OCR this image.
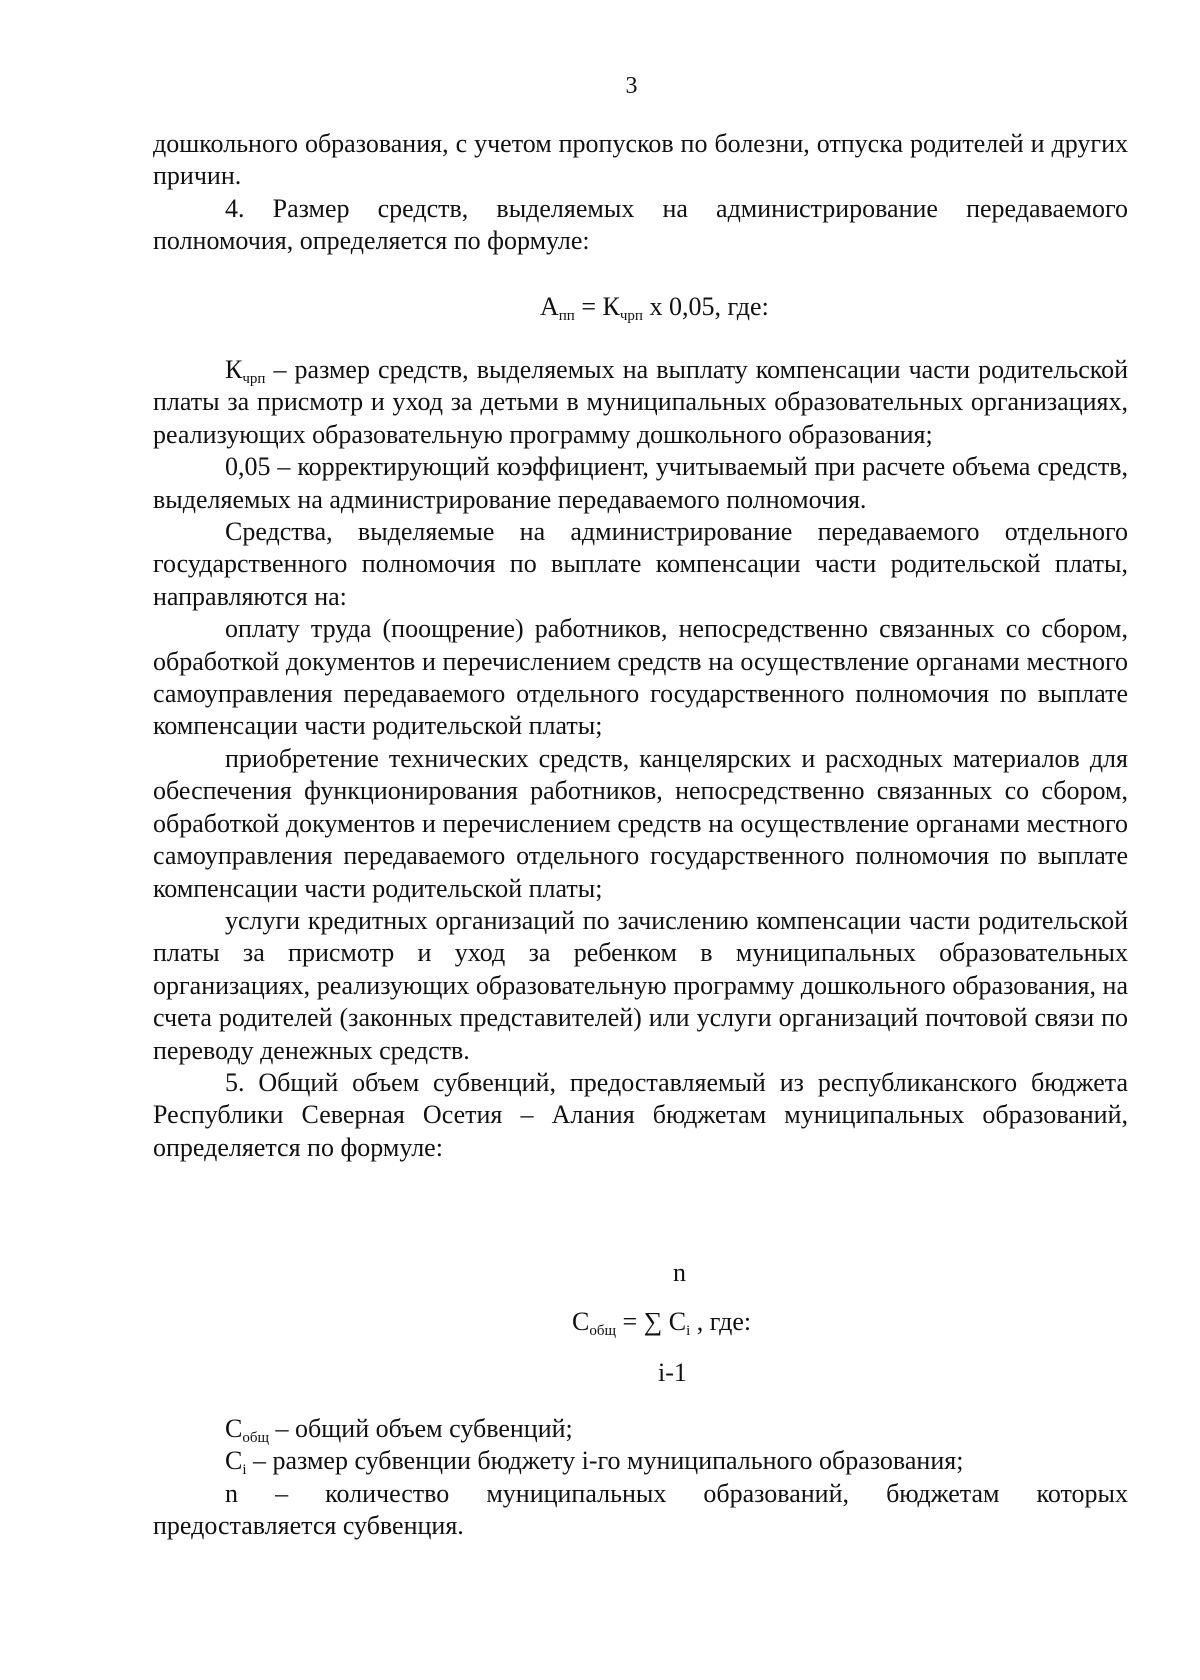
3

дошкольного образования, с учетом пропусков по болезни, отпуска родителей и других причин.

4. Размер средств, выделяемых на администрирование передаваемого полномочия, определяется по формуле:

$А_{пп} = К_{чрп}$ x 0,05, где:

$К_{чрп}$ – размер средств, выделяемых на выплату компенсации части родительской платы за присмотр и уход за детьми в муниципальных образовательных организациях, реализующих образовательную программу дошкольного образования;

0,05 – корректирующий коэффициент, учитываемый при расчете объема средств, выделяемых на администрирование передаваемого полномочия.

Средства, выделяемые на администрирование передаваемого отдельного государственного полномочия по выплате компенсации части родительской платы, направляются на:

оплату труда (поощрение) работников, непосредственно связанных со сбором, обработкой документов и перечислением средств на осуществление органами местного самоуправления передаваемого отдельного государственного полномочия по выплате компенсации части родительской платы;

приобретение технических средств, канцелярских и расходных материалов для обеспечения функционирования работников, непосредственно связанных со сбором, обработкой документов и перечислением средств на осуществление органами местного самоуправления передаваемого отдельного государственного полномочия по выплате компенсации части родительской платы;

услуги кредитных организаций по зачислению компенсации части родительской платы за присмотр и уход за ребенком в муниципальных образовательных организациях, реализующих образовательную программу дошкольного образования, на счета родителей (законных представителей) или услуги организаций почтовой связи по переводу денежных средств.

5. Общий объем субвенций, предоставляемый из республиканского бюджета Республики Северная Осетия – Алания бюджетам муниципальных образований, определяется по формуле:

n
$С_{общ}$ = ∑ $С_i$ , где:
i-1

$С_{общ}$ – общий объем субвенций;

$С_i$ – размер субвенции бюджету i-го муниципального образования;

n – количество муниципальных образований, бюджетам которых предоставляется субвенция.
